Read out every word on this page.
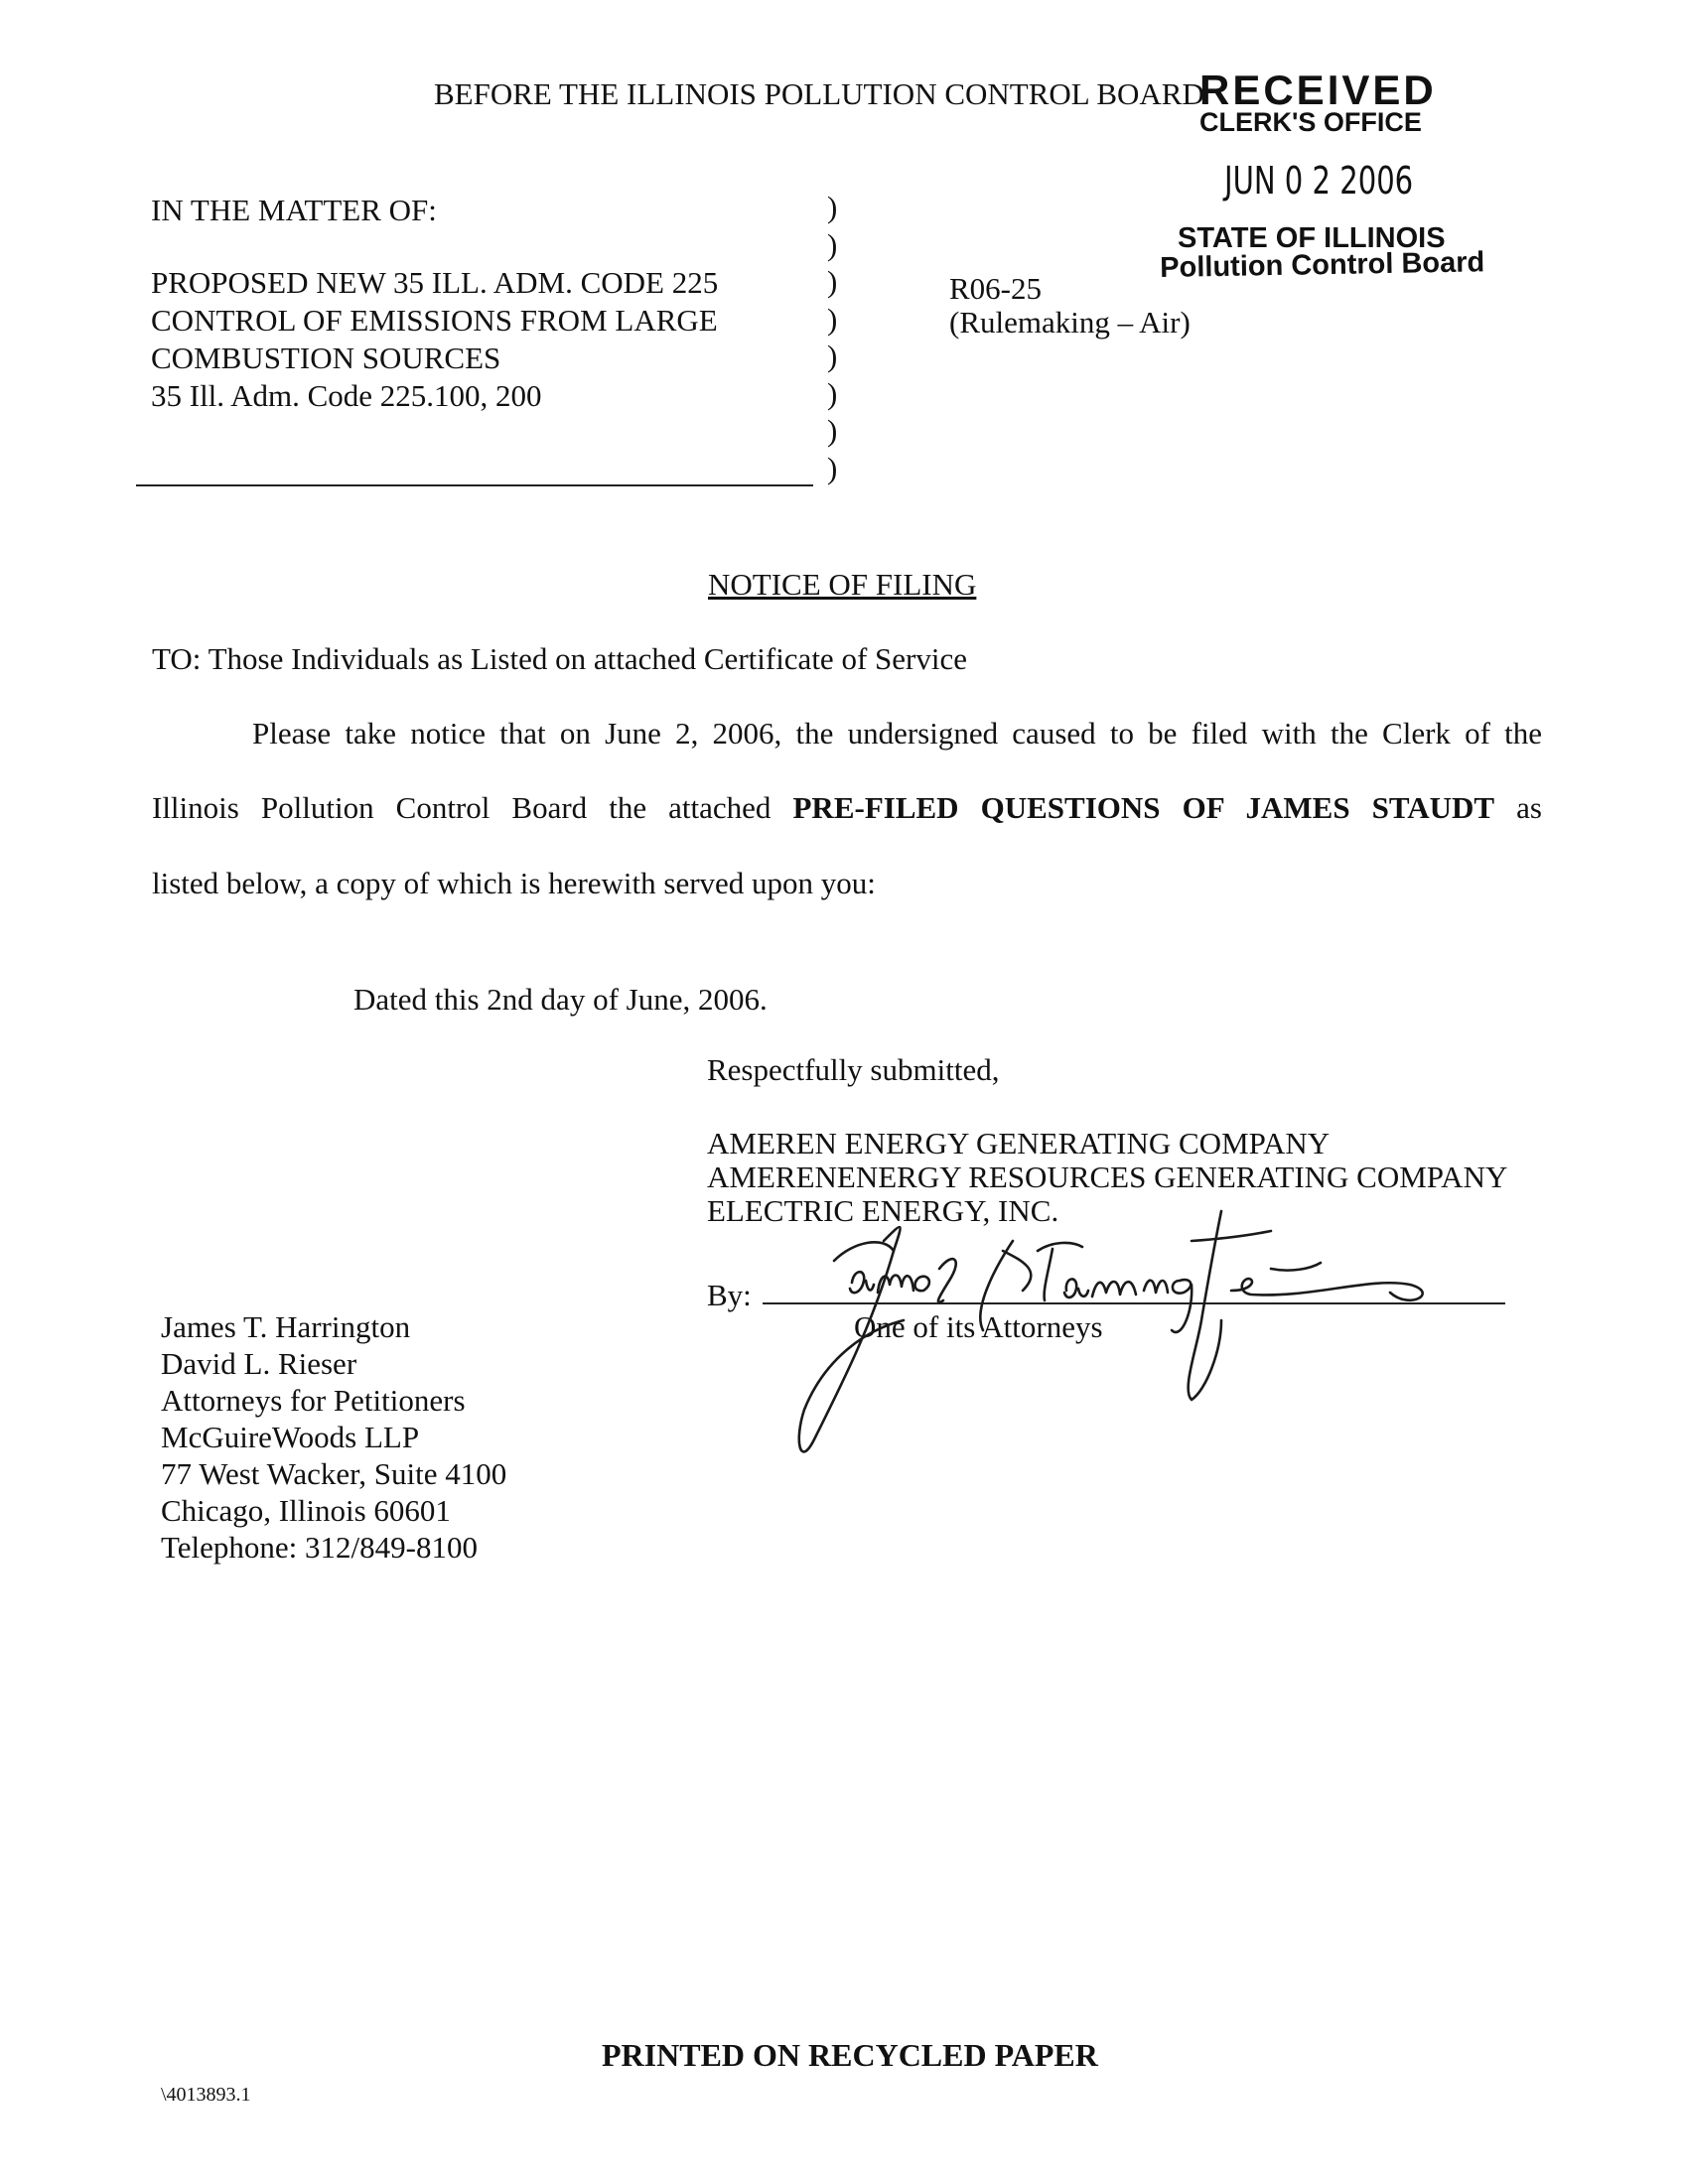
BEFORE THE ILLINOIS POLLUTION CONTROL BOARD
RECEIVED
CLERK'S OFFICE
JUN 0 2 2006
STATE OF ILLINOIS
Pollution Control Board
IN THE MATTER OF:
PROPOSED NEW 35 ILL. ADM. CODE 225
CONTROL OF EMISSIONS FROM LARGE
COMBUSTION SOURCES
35 Ill. Adm. Code 225.100, 200
)
)
)
)
)
)
)
)
R06-25
(Rulemaking – Air)
NOTICE OF FILING
TO: Those Individuals as Listed on attached Certificate of Service
Please take notice that on June 2, 2006, the undersigned caused to be filed with the Clerk of the
Illinois Pollution Control Board the attached PRE-FILED QUESTIONS OF JAMES STAUDT as
listed below, a copy of which is herewith served upon you:
Dated this 2nd day of June, 2006.
Respectfully submitted,
AMEREN ENERGY GENERATING COMPANY
AMERENENERGY RESOURCES GENERATING COMPANY
ELECTRIC ENERGY, INC.
By:
One of its Attorneys
James T. Harrington
David L. Rieser
Attorneys for Petitioners
McGuireWoods LLP
77 West Wacker, Suite 4100
Chicago, Illinois 60601
Telephone: 312/849-8100
PRINTED ON RECYCLED PAPER
\4013893.1
